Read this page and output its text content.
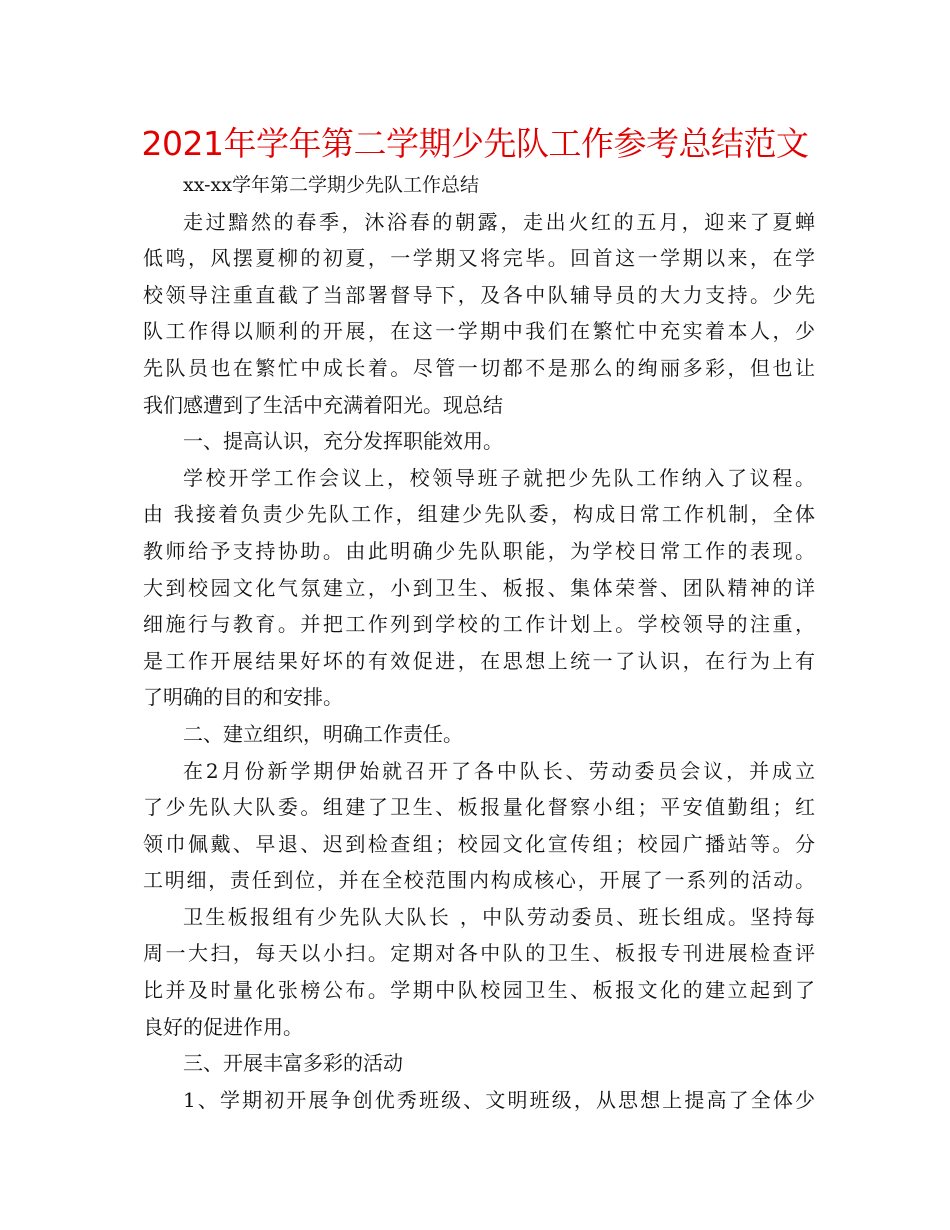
2021年学年第二学期少先队工作参考总结范文
xx-xx学年第二学期少先队工作总结
走过黯然的春季，沐浴春的朝露，走出火红的五月，迎来了夏蝉
低鸣，风摆夏柳的初夏，一学期又将完毕。回首这一学期以来，在学
校领导注重直截了当部署督导下，及各中队辅导员的大力支持。少先
队工作得以顺利的开展，在这一学期中我们在繁忙中充实着本人，少
先队员也在繁忙中成长着。尽管一切都不是那么的绚丽多彩，但也让
我们感遭到了生活中充满着阳光。现总结
一、提高认识，充分发挥职能效用。
学校开学工作会议上，校领导班子就把少先队工作纳入了议程。
由 我接着负责少先队工作，组建少先队委，构成日常工作机制，全体
教师给予支持协助。由此明确少先队职能，为学校日常工作的表现。
大到校园文化气氛建立，小到卫生、板报、集体荣誉、团队精神的详
细施行与教育。并把工作列到学校的工作计划上。学校领导的注重，
是工作开展结果好坏的有效促进，在思想上统一了认识，在行为上有
了明确的目的和安排。
二、建立组织，明确工作责任。
在2月份新学期伊始就召开了各中队长、劳动委员会议，并成立
了少先队大队委。组建了卫生、板报量化督察小组；平安值勤组；红
领巾佩戴、早退、迟到检查组；校园文化宣传组；校园广播站等。分
工明细，责任到位，并在全校范围内构成核心，开展了一系列的活动。
卫生板报组有少先队大队长 ，中队劳动委员、班长组成。坚持每
周一大扫，每天以小扫。定期对各中队的卫生、板报专刊进展检查评
比并及时量化张榜公布。学期中队校园卫生、板报文化的建立起到了
良好的促进作用。
三、开展丰富多彩的活动
1、学期初开展争创优秀班级、文明班级，从思想上提高了全体少
